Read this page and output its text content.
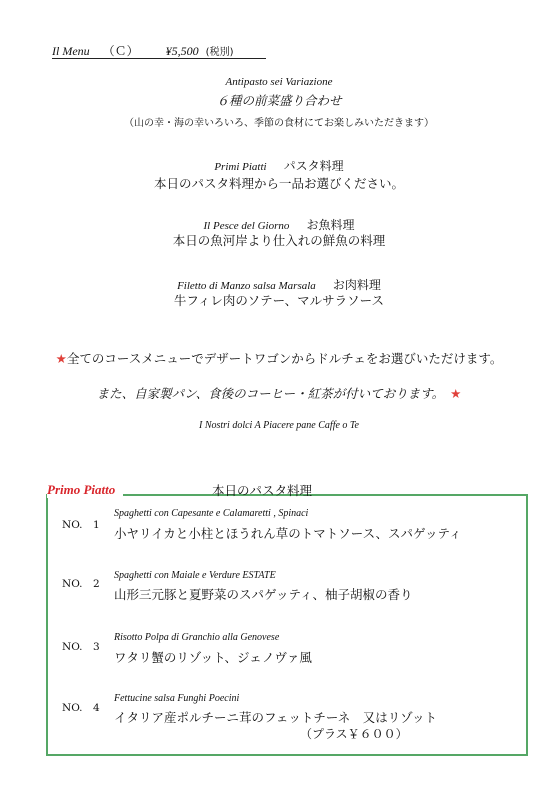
Il Menu （Ｃ） ¥5,500 (税別)
Antipasto sei Variazione
６種の前菜盛り合わせ
（山の幸・海の幸いろいろ、季節の食材にてお楽しみいただきます）
Primi Piatti パスタ料理
本日のパスタ料理から一品お選びください。
Il Pesce del Giorno お魚料理
本日の魚河岸より仕入れの鮮魚の料理
Filetto di Manzo salsa Marsala お肉料理
牛フィレ肉のソテー、マルサラソース
★全てのコースメニューでデザートワゴンからドルチェをお選びいただけます。
また、自家製パン、食後のコーヒー・紅茶が付いております。 ★
I Nostri dolci A Piacere pane Caffe o Te
Primo Piatto	本日のパスタ料理
NO.　1
Spaghetti con Capesante e Calamaretti , Spinaci
小ヤリイカと小柱とほうれん草のトマトソース、スパゲッティ
NO.　2
Spaghetti con Maiale e Verdure ESTATE
山形三元豚と夏野菜のスパゲッティ、柚子胡椒の香り
NO.　3
Risotto Polpa di Granchio alla Genovese
ワタリ蟹のリゾット、ジェノヴァ風
NO.　4
Fettucine salsa Funghi Poecini
イタリア産ポルチーニ茸のフェットチーネ　又はリゾット
（プラス￥６００）
